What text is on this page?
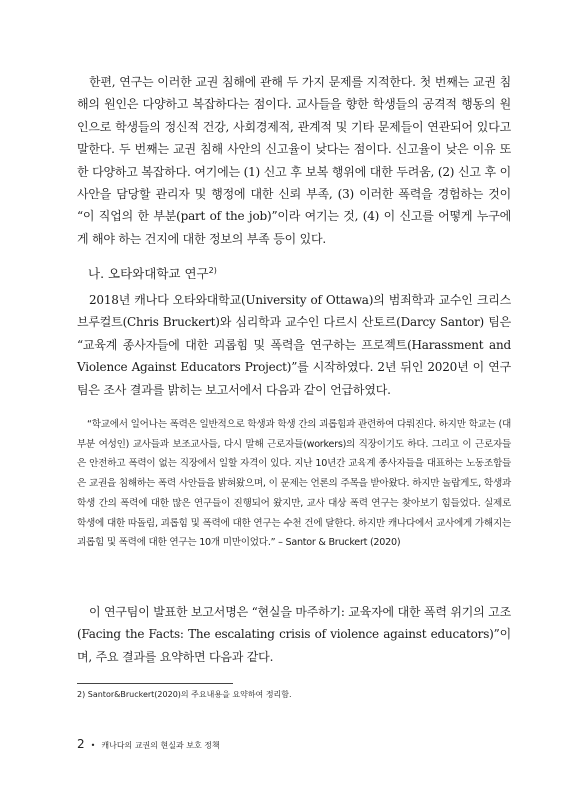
한편, 연구는 이러한 교권 침해에 관해 두 가지 문제를 지적한다. 첫 번째는 교권 침해의 원인은 다양하고 복잡하다는 점이다. 교사들을 향한 학생들의 공격적 행동의 원인으로 학생들의 정신적 건강, 사회경제적, 관계적 및 기타 문제들이 연관되어 있다고 말한다. 두 번째는 교권 침해 사안의 신고율이 낮다는 점이다. 신고율이 낮은 이유 또한 다양하고 복잡하다. 여기에는 (1) 신고 후 보복 행위에 대한 두려움, (2) 신고 후 이 사안을 담당할 관리자 및 행정에 대한 신뢰 부족, (3) 이러한 폭력을 경험하는 것이 “이 직업의 한 부분(part of the job)”이라 여기는 것, (4) 이 신고를 어떻게 누구에게 해야 하는 건지에 대한 정보의 부족 등이 있다.

나. 오타와대학교 연구$^{2)}$

2018년 캐나다 오타와대학교(University of Ottawa)의 범죄학과 교수인 크리스 브루컬트(Chris Bruckert)와 심리학과 교수인 다르시 산토르(Darcy Santor) 팀은 “교육계 종사자들에 대한 괴롭힘 및 폭력을 연구하는 프로젝트(Harassment and Violence Against Educators Project)”를 시작하였다. 2년 뒤인 2020년 이 연구팀은 조사 결과를 밝히는 보고서에서 다음과 같이 언급하였다.

“학교에서 일어나는 폭력은 일반적으로 학생과 학생 간의 괴롭힘과 관련하여 다뤄진다. 하지만 학교는 (대부분 여성인) 교사들과 보조교사들, 다시 말해 근로자들(workers)의 직장이기도 하다. 그리고 이 근로자들은 안전하고 폭력이 없는 직장에서 일할 자격이 있다. 지난 10년간 교육계 종사자들을 대표하는 노동조합들은 교권을 침해하는 폭력 사안들을 밝혀왔으며, 이 문제는 언론의 주목을 받아왔다. 하지만 놀랍게도, 학생과 학생 간의 폭력에 대한 많은 연구들이 진행되어 왔지만, 교사 대상 폭력 연구는 찾아보기 힘들었다. 실제로 학생에 대한 따돌림, 괴롭힘 및 폭력에 대한 연구는 수천 건에 달한다. 하지만 캐나다에서 교사에게 가해지는 괴롭힘 및 폭력에 대한 연구는 10개 미만이었다.” – Santor & Bruckert (2020)

이 연구팀이 발표한 보고서명은 “현실을 마주하기: 교육자에 대한 폭력 위기의 고조(Facing the Facts: The escalating crisis of violence against educators)”이며, 주요 결과를 요약하면 다음과 같다.

2) Santor&Bruckert(2020)의 주요내용을 요약하여 정리함.

2 • 캐나다의 교권의 현실과 보호 정책
